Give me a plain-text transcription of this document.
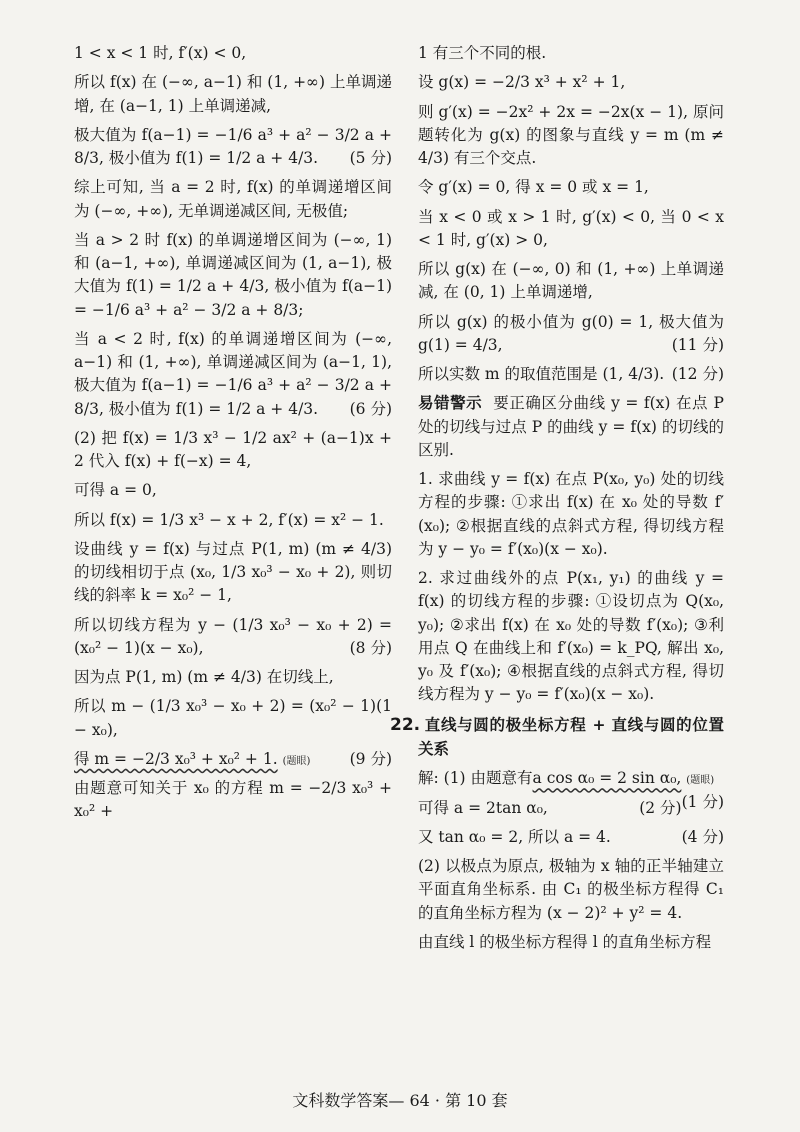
1 < x < 1 时, f′(x) < 0,

所以 f(x) 在 (−∞, a−1) 和 (1, +∞) 上单调递增, 在 (a−1, 1) 上单调递减,

极大值为 f(a−1) = −1/6 a³ + a² − 3/2 a + 8/3, 极小值为 f(1) = 1/2 a + 4/3. (5 分)

综上可知, 当 a = 2 时, f(x) 的单调递增区间为 (−∞, +∞), 无单调递减区间, 无极值;

当 a > 2 时 f(x) 的单调递增区间为 (−∞, 1) 和 (a−1, +∞), 单调递减区间为 (1, a−1), 极大值为 f(1) = 1/2 a + 4/3, 极小值为 f(a−1) = −1/6 a³ + a² − 3/2 a + 8/3;

当 a < 2 时, f(x) 的单调递增区间为 (−∞, a−1) 和 (1, +∞), 单调递减区间为 (a−1, 1), 极大值为 f(a−1) = −1/6 a³ + a² − 3/2 a + 8/3, 极小值为 f(1) = 1/2 a + 4/3. (6 分)

(2) 把 f(x) = 1/3 x³ − 1/2 ax² + (a−1)x + 2 代入 f(x) + f(−x) = 4,

可得 a = 0,

所以 f(x) = 1/3 x³ − x + 2, f′(x) = x² − 1.

设曲线 y = f(x) 与过点 P(1, m) (m ≠ 4/3) 的切线相切于点 (x₀, 1/3 x₀³ − x₀ + 2), 则切线的斜率 k = x₀² − 1,

所以切线方程为 y − (1/3 x₀³ − x₀ + 2) = (x₀² − 1)(x − x₀),	(8 分)

因为点 P(1, m) (m ≠ 4/3) 在切线上,

所以 m − (1/3 x₀³ − x₀ + 2) = (x₀² − 1)(1 − x₀),

得 m = −2/3 x₀³ + x₀² + 1. (题眼)	(9 分)

由题意可知关于 x₀ 的方程 m = −2/3 x₀³ + x₀² +

1 有三个不同的根.

设 g(x) = −2/3 x³ + x² + 1,

则 g′(x) = −2x² + 2x = −2x(x − 1), 原问题转化为 g(x) 的图象与直线 y = m (m ≠ 4/3) 有三个交点.

令 g′(x) = 0, 得 x = 0 或 x = 1,

当 x < 0 或 x > 1 时, g′(x) < 0, 当 0 < x < 1 时, g′(x) > 0,

所以 g(x) 在 (−∞, 0) 和 (1, +∞) 上单调递减, 在 (0, 1) 上单调递增,

所以 g(x) 的极小值为 g(0) = 1, 极大值为 g(1) = 4/3,	(11 分)

所以实数 m 的取值范围是 (1, 4/3). (12 分)

易错警示 要正确区分曲线 y = f(x) 在点 P 处的切线与过点 P 的曲线 y = f(x) 的切线的区别.

1. 求曲线 y = f(x) 在点 P(x₀, y₀) 处的切线方程的步骤: ①求出 f(x) 在 x₀ 处的导数 f′(x₀); ②根据直线的点斜式方程, 得切线方程为 y − y₀ = f′(x₀)(x − x₀).

2. 求过曲线外的点 P(x₁, y₁) 的曲线 y = f(x) 的切线方程的步骤: ①设切点为 Q(x₀, y₀); ②求出 f(x) 在 x₀ 处的导数 f′(x₀); ③利用点 Q 在曲线上和 f′(x₀) = k_PQ, 解出 x₀, y₀ 及 f′(x₀); ④根据直线的点斜式方程, 得切线方程为 y − y₀ = f′(x₀)(x − x₀).

22. 直线与圆的极坐标方程 + 直线与圆的位置关系

解: (1) 由题意有a cos α₀ = 2 sin α₀, (题眼)
(1 分)

可得 a = 2tan α₀,	(2 分)

又 tan α₀ = 2, 所以 a = 4.	(4 分)

(2) 以极点为原点, 极轴为 x 轴的正半轴建立平面直角坐标系. 由 C₁ 的极坐标方程得 C₁ 的直角坐标方程为 (x − 2)² + y² = 4.

由直线 l 的极坐标方程得 l 的直角坐标方程

文科数学答案— 64 · 第 10 套
